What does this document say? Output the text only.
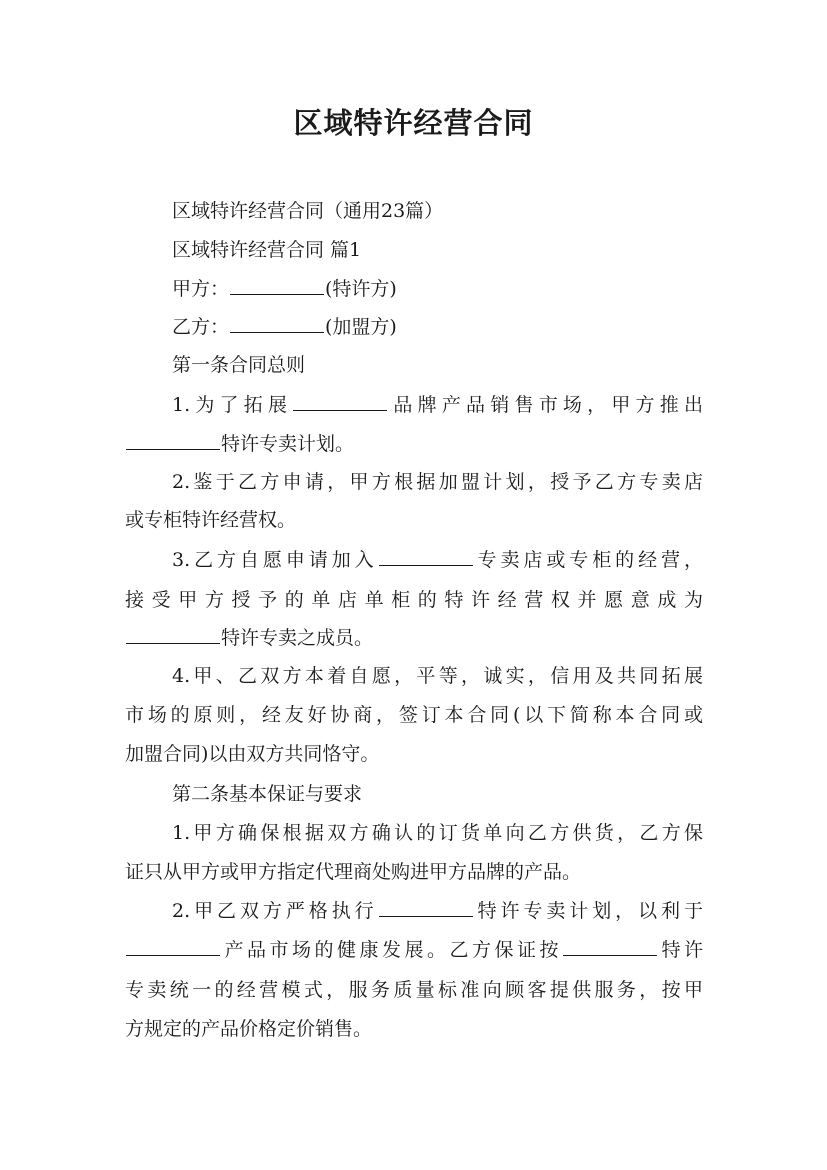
区域特许经营合同
区域特许经营合同（通用23篇）
区域特许经营合同 篇1
甲方：	(特许方)
乙方：	(加盟方)
第一条合同总则
1.为了拓展	品牌产品销售市场，甲方推出
特许专卖计划。
2.鉴于乙方申请，甲方根据加盟计划，授予乙方专卖店
或专柜特许经营权。
3.乙方自愿申请加入	专卖店或专柜的经营，
接受甲方授予的单店单柜的特许经营权并愿意成为
特许专卖之成员。
4.甲、乙双方本着自愿，平等，诚实，信用及共同拓展
市场的原则，经友好协商，签订本合同(以下简称本合同或
加盟合同)以由双方共同恪守。
第二条基本保证与要求
1.甲方确保根据双方确认的订货单向乙方供货，乙方保
证只从甲方或甲方指定代理商处购进甲方品牌的产品。
2.甲乙双方严格执行	特许专卖计划，以利于
产品市场的健康发展。乙方保证按	特许
专卖统一的经营模式，服务质量标准向顾客提供服务，按甲
方规定的产品价格定价销售。
